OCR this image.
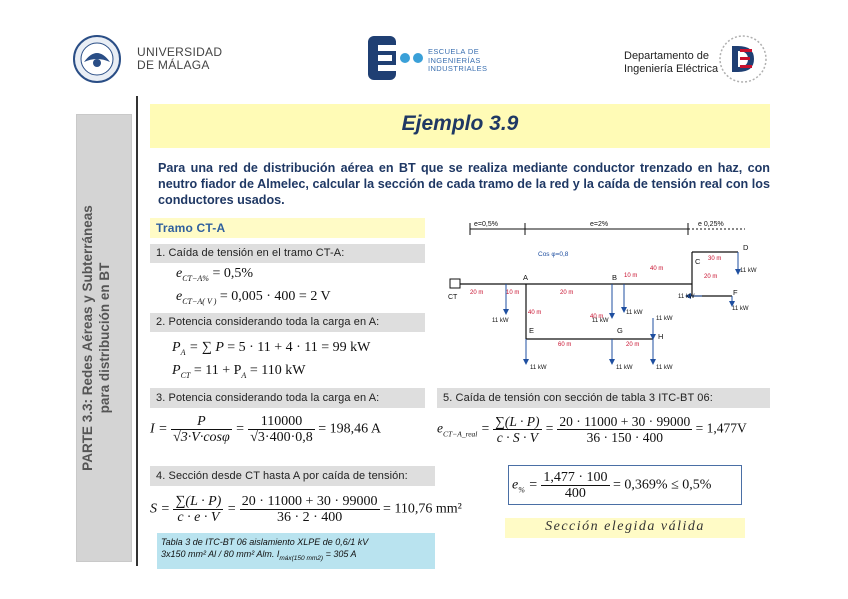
UNIVERSIDAD
DE MÁLAGA
ESCUELA DE
INGENIERÍAS
INDUSTRIALES
Departamento de
Ingeniería Eléctrica
PARTE 3.3: Redes Aéreas y Subterráneas para distribución en BT
Ejemplo 3.9
Para una red de distribución aérea en BT que se realiza mediante conductor trenzado en haz, con neutro fiador de Almelec, calcular la sección de cada tramo de la red y la caída de tensión real con los conductores usados.
Tramo CT-A
1. Caída de tensión en el tramo CT-A:
$e_{CT-A\%} = 0,5\%$
$e_{CT-A( V )} = 0,005 \cdot 400 = 2$ V
2. Potencia considerando toda la carga en A:
$P_A$ = ∑ P = 5 · 11 + 4 · 11 = 99 kW
$P_{CT} = 11 + P_A = 110$ kW
3. Potencia considerando toda la carga en A:
$I = \frac{P}{√3\cdot V\cdot\cos\varphi} = \frac{110000}{√3\cdot 400\cdot 0,8} = 198,46$ A
5. Caída de tensión con sección de tabla 3 ITC-BT 06:
$e_{CT-A\_real} = \frac{\sum(L \cdot P)}{c \cdot S \cdot V} = \frac{20 \cdot 11000 + 30 \cdot 99000}{36 \cdot 150 \cdot 400} = 1,477V$
4. Sección desde CT hasta A por caída de tensión:
$S = \frac{\sum(L \cdot P)}{c \cdot e \cdot V} = \frac{20 \cdot 11000 + 30 \cdot 99000}{36 \cdot 2 \cdot 400} = 110,76$ mm²
Tabla 3 de ITC-BT 06 aislamiento XLPE de 0,6/1 kV
3x150 mm² Al / 80 mm² Alm. $I_{máx(150 mm2)} = 305$ A
$e_{\%} = \frac{1,477 \cdot 100}{400} = 0,369\% \le 0,5\%$
Sección elegida válida
e=0,5%	e=2%	e 0,25%
Cos φ=0,8
CT
A	B
C
D
E
F
G
H
20 m	10 m	20 m
40 m
10 m
40 m
30 m
20 m
40 m
60 m	20 m
11 kW
11 kW
11 kW
11 kW
11 kW
11 kW
11 kW
11 kW
11 kW
11 kW
